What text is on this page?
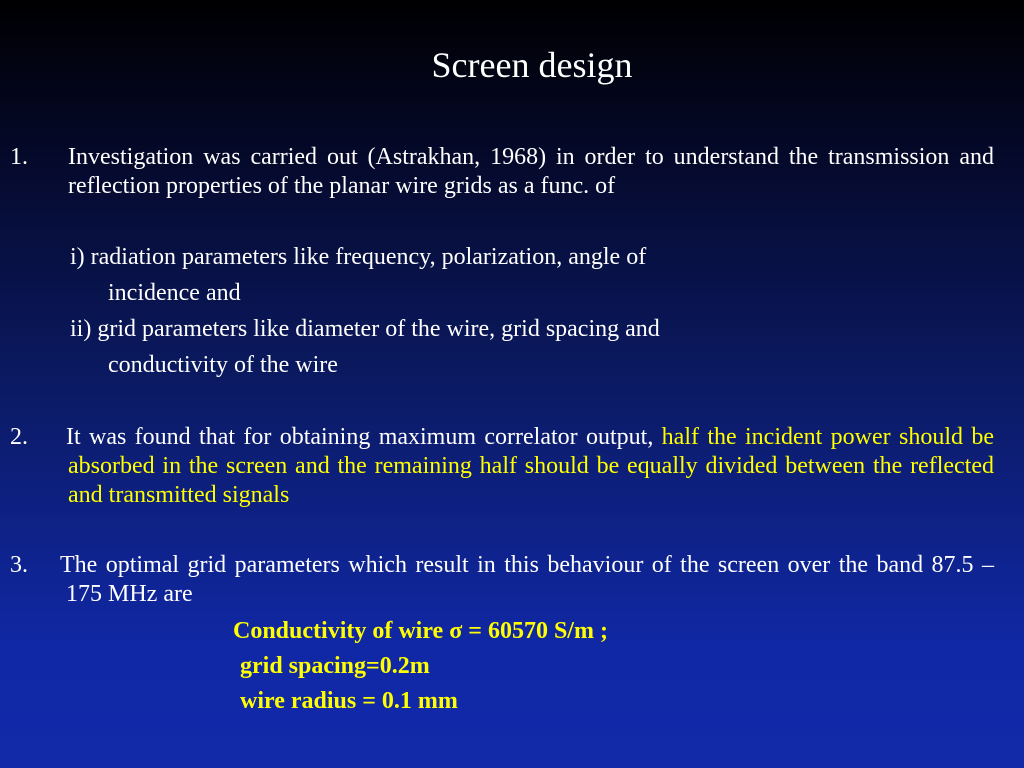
Screen design
1. Investigation was carried out (Astrakhan, 1968) in order to understand the transmission and reflection properties of the planar wire grids as a func. of
i) radiation parameters like frequency, polarization, angle of
incidence and
ii) grid parameters like diameter of the wire, grid spacing and
conductivity of the wire
2. It was found that for obtaining maximum correlator output, half the incident power should be absorbed in the screen and the remaining half should be equally divided between the reflected and transmitted signals
3. The optimal grid parameters which result in this behaviour of the screen over the band 87.5 – 175 MHz are
Conductivity of wire σ = 60570 S/m ;
grid spacing=0.2m
wire radius = 0.1 mm
